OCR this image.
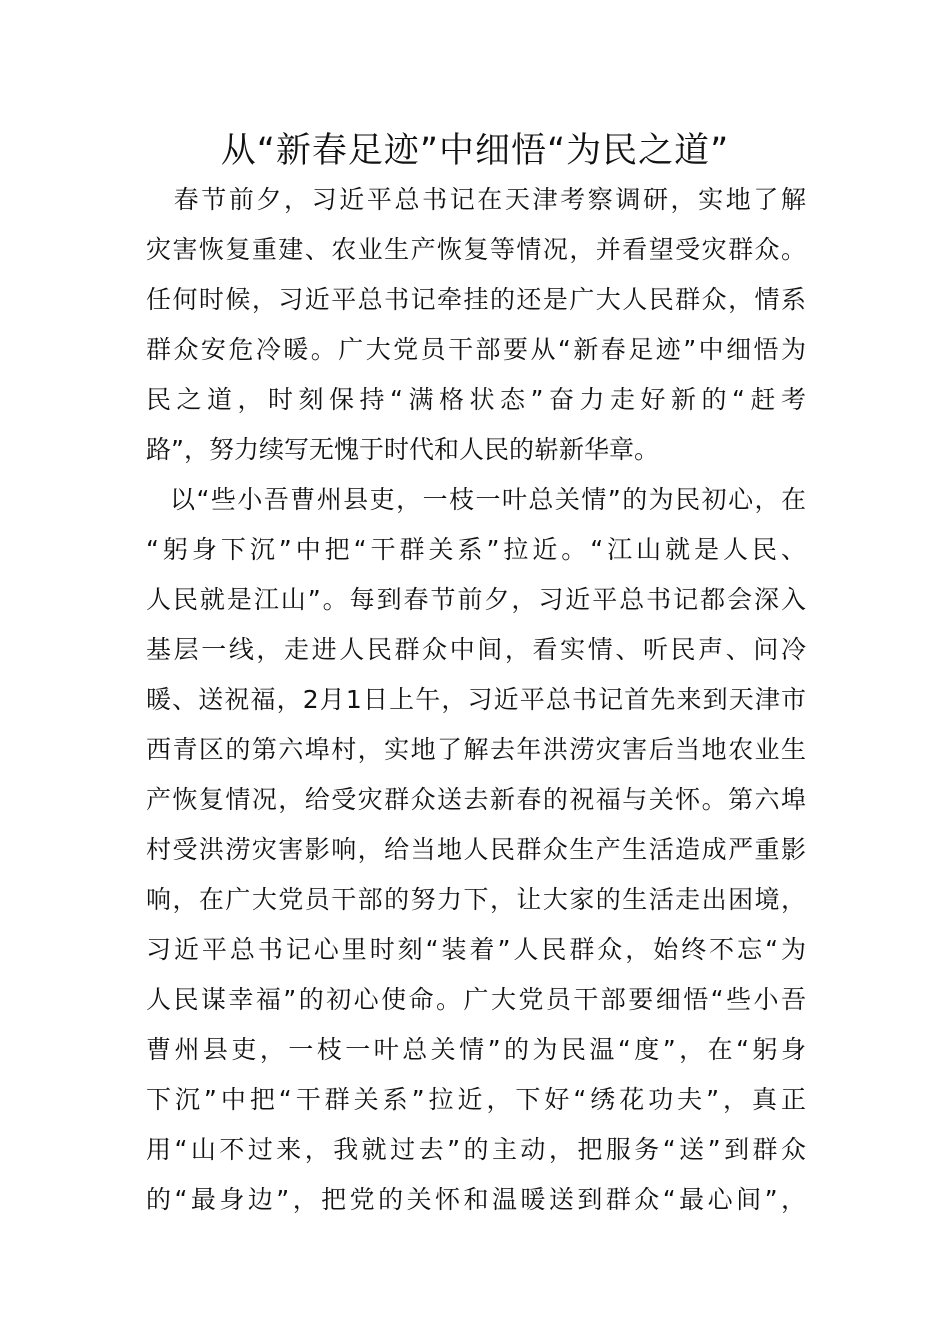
从“新春足迹”中细悟“为民之道”
　春节前夕，习近平总书记在天津考察调研，实地了解
灾害恢复重建、农业生产恢复等情况，并看望受灾群众。
任何时候，习近平总书记牵挂的还是广大人民群众，情系
群众安危冷暖。广大党员干部要从“新春足迹”中细悟为
民之道，时刻保持“满格状态”奋力走好新的“赶考
路”，努力续写无愧于时代和人民的崭新华章。
以“些小吾曹州县吏，一枝一叶总关情”的为民初心，在
“躬身下沉”中把“干群关系”拉近。“江山就是人民、
人民就是江山”。每到春节前夕，习近平总书记都会深入
基层一线，走进人民群众中间，看实情、听民声、问冷
暖、送祝福，2月1日上午，习近平总书记首先来到天津市
西青区的第六埠村，实地了解去年洪涝灾害后当地农业生
产恢复情况，给受灾群众送去新春的祝福与关怀。第六埠
村受洪涝灾害影响，给当地人民群众生产生活造成严重影
响，在广大党员干部的努力下，让大家的生活走出困境，
习近平总书记心里时刻“装着”人民群众，始终不忘“为
人民谋幸福”的初心使命。广大党员干部要细悟“些小吾
曹州县吏，一枝一叶总关情”的为民温“度”，在“躬身
下沉”中把“干群关系”拉近，下好“绣花功夫”，真正
用“山不过来，我就过去”的主动，把服务“送”到群众
的“最身边”，把党的关怀和温暖送到群众“最心间”，
